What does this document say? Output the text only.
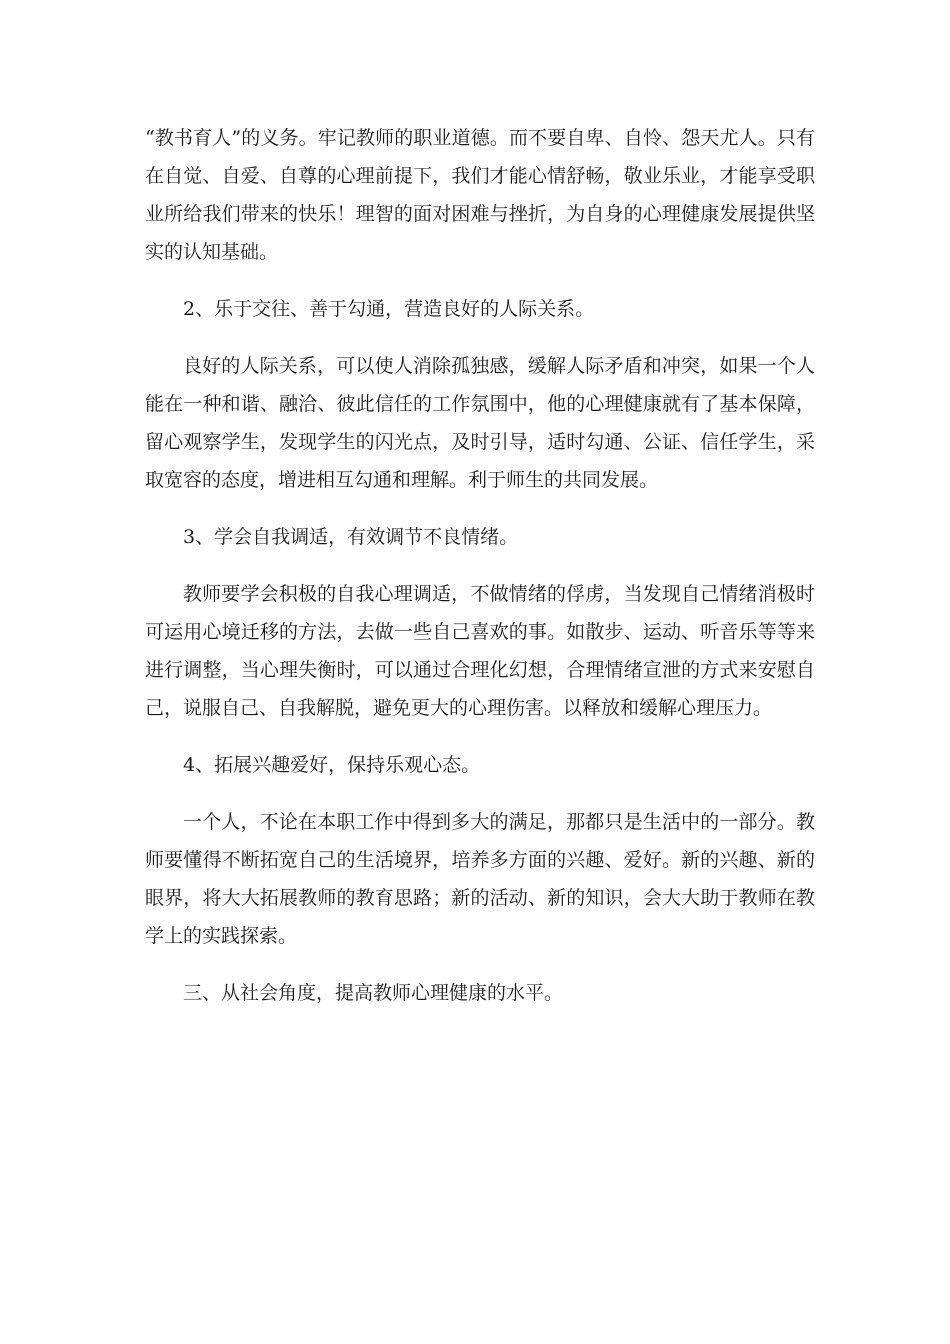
“教书育人”的义务。牢记教师的职业道德。而不要自卑、自怜、怨天尤人。只有在自觉、自爱、自尊的心理前提下，我们才能心情舒畅，敬业乐业，才能享受职业所给我们带来的快乐！理智的面对困难与挫折，为自身的心理健康发展提供坚实的认知基础。

2、乐于交往、善于勾通，营造良好的人际关系。

良好的人际关系，可以使人消除孤独感，缓解人际矛盾和冲突，如果一个人能在一种和谐、融洽、彼此信任的工作氛围中，他的心理健康就有了基本保障，留心观察学生，发现学生的闪光点，及时引导，适时勾通、公证、信任学生，采取宽容的态度，增进相互勾通和理解。利于师生的共同发展。

3、学会自我调适，有效调节不良情绪。

教师要学会积极的自我心理调适，不做情绪的俘虏，当发现自己情绪消极时可运用心境迁移的方法，去做一些自己喜欢的事。如散步、运动、听音乐等等来进行调整，当心理失衡时，可以通过合理化幻想，合理情绪宣泄的方式来安慰自己，说服自己、自我解脱，避免更大的心理伤害。以释放和缓解心理压力。

4、拓展兴趣爱好，保持乐观心态。

一个人，不论在本职工作中得到多大的满足，那都只是生活中的一部分。教师要懂得不断拓宽自己的生活境界，培养多方面的兴趣、爱好。新的兴趣、新的眼界，将大大拓展教师的教育思路；新的活动、新的知识，会大大助于教师在教学上的实践探索。

三、从社会角度，提高教师心理健康的水平。
